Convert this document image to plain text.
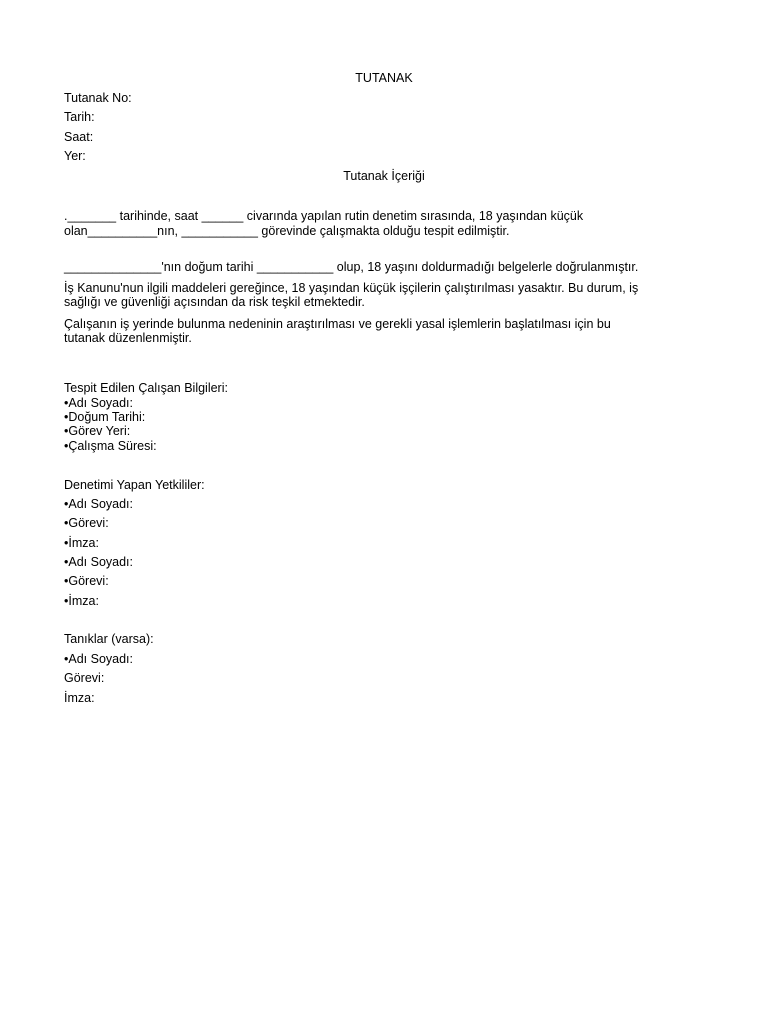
TUTANAK
Tutanak No:
Tarih:
Saat:
Yer:
Tutanak İçeriği
._______ tarihinde, saat ______ civarında yapılan rutin denetim sırasında, 18 yaşından küçük
olan__________nın, ___________ görevinde çalışmakta olduğu tespit edilmiştir.
______________'nın doğum tarihi ___________ olup, 18 yaşını doldurmadığı belgelerle doğrulanmıştır.
İş Kanunu'nun ilgili maddeleri gereğince, 18 yaşından küçük işçilerin çalıştırılması yasaktır. Bu durum, iş
sağlığı ve güvenliği açısından da risk teşkil etmektedir.
Çalışanın iş yerinde bulunma nedeninin araştırılması ve gerekli yasal işlemlerin başlatılması için bu
tutanak düzenlenmiştir.
Tespit Edilen Çalışan Bilgileri:
•Adı Soyadı:
•Doğum Tarihi:
•Görev Yeri:
•Çalışma Süresi:
Denetimi Yapan Yetkililer:
•Adı Soyadı:
•Görevi:
•İmza:
•Adı Soyadı:
•Görevi:
•İmza:
Tanıklar (varsa):
•Adı Soyadı:
Görevi:
İmza:
